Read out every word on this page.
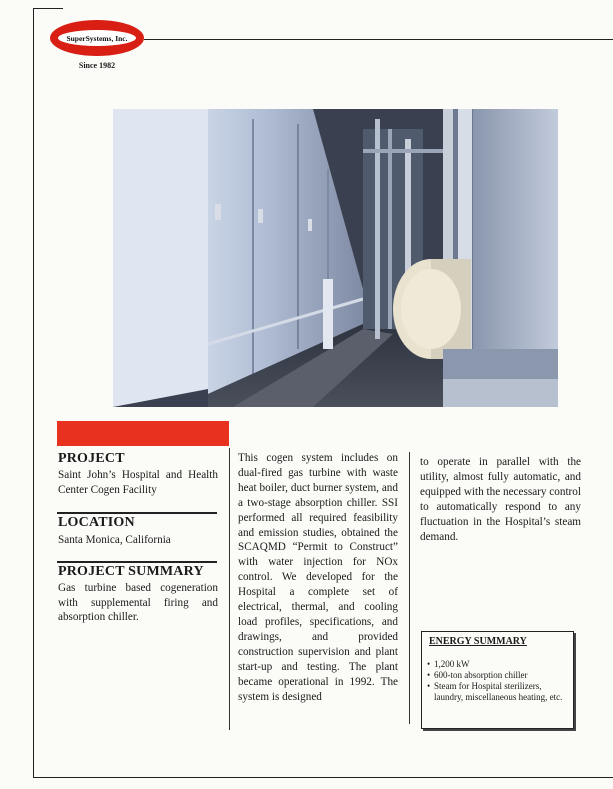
SuperSystems, Inc.
Since 1982
PROJECT
Saint John’s Hospital and Health Center Cogen Facility
LOCATION
Santa Monica, California
PROJECT SUMMARY
Gas turbine based cogeneration with supplemental firing and absorption chiller.
This cogen system includes on dual-fired gas turbine with waste heat boiler, duct burner system, and a two-stage absorption chiller. SSI performed all required feasibility and emission studies, obtained the SCAQMD “Permit to Construct” with water injection for NOx control. We developed for the Hospital a complete set of electrical, thermal, and cooling load profiles, specifications, and drawings, and provided construction supervision and plant start-up and testing. The plant became operational in 1992. The system is designed
to operate in parallel with the utility, almost fully automatic, and equipped with the necessary control to automatically respond to any fluctuation in the Hospital’s steam demand.
ENERGY SUMMARY
• 1,200 kW
• 600-ton absorption chiller
• Steam for Hospital sterilizers, laundry, miscellaneous heating, etc.
